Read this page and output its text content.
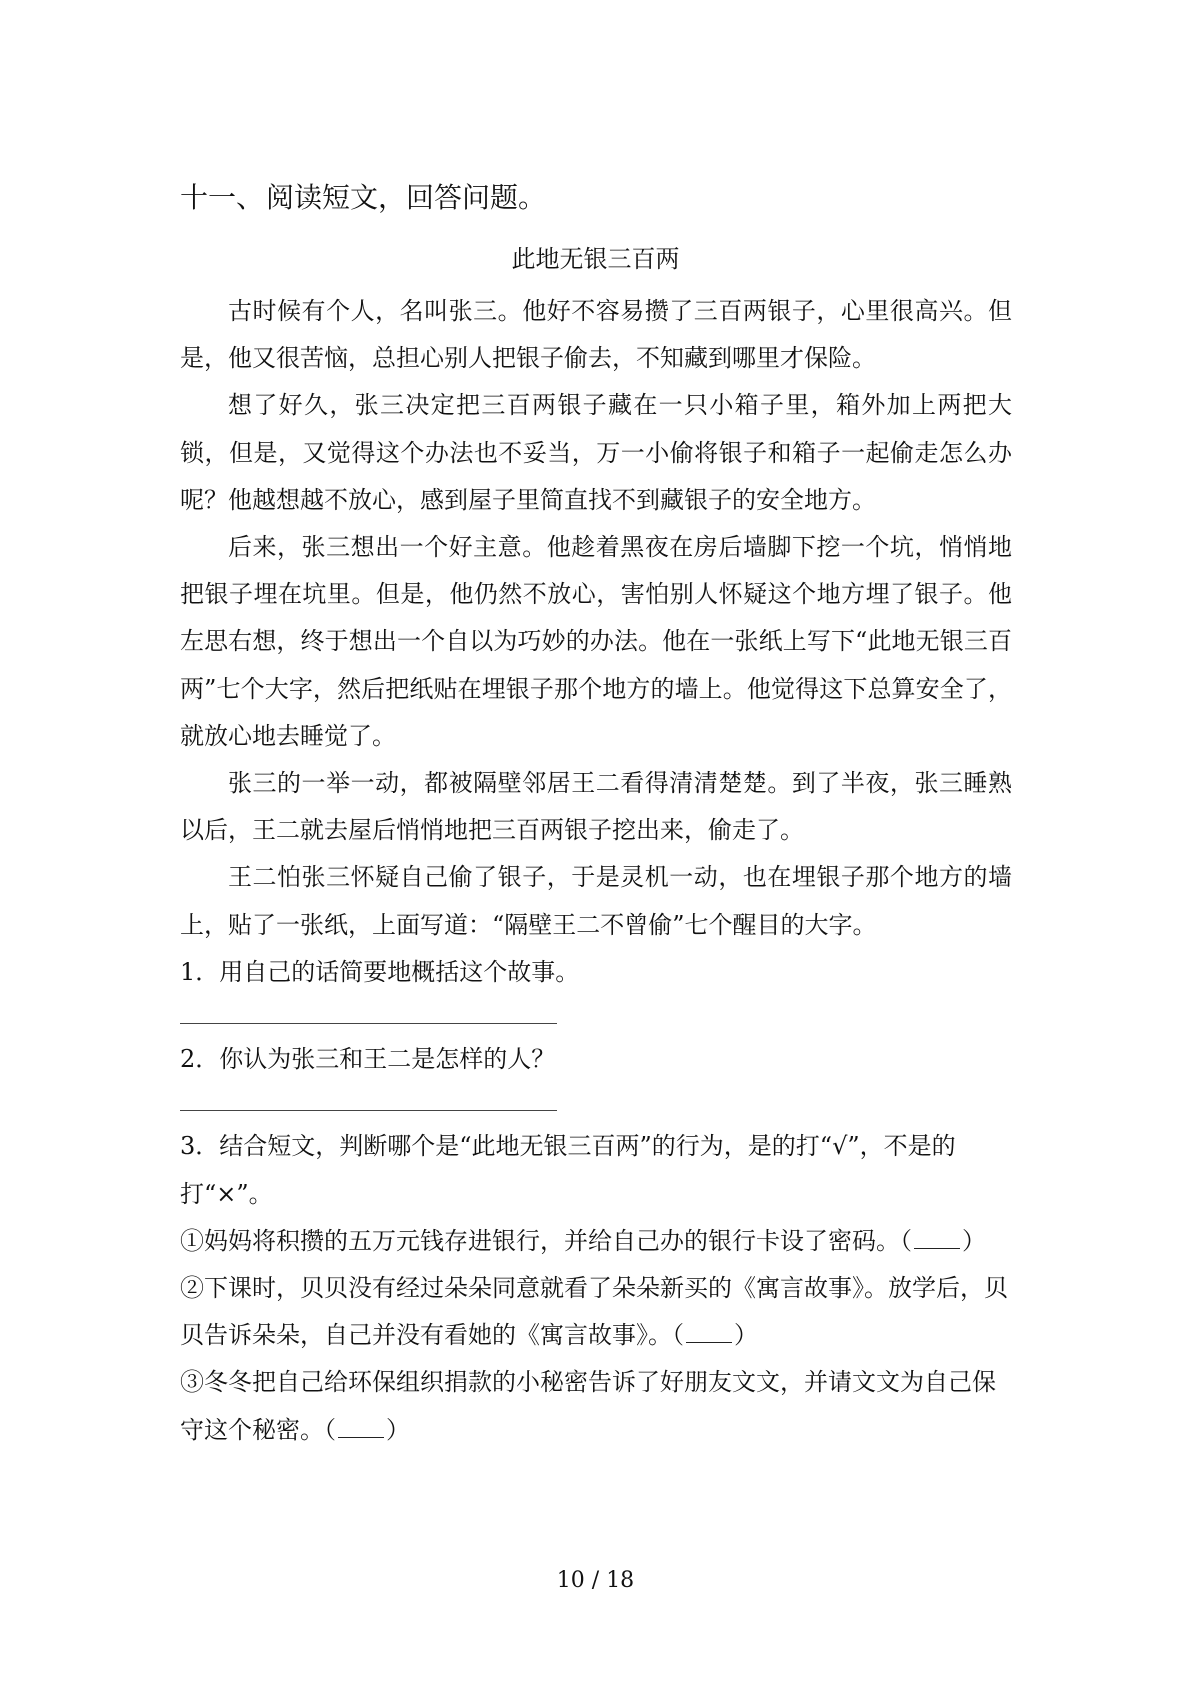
十一、阅读短文，回答问题。
此地无银三百两

古时候有个人，名叫张三。他好不容易攒了三百两银子，心里很高兴。但是，他又很苦恼，总担心别人把银子偷去，不知藏到哪里才保险。

想了好久，张三决定把三百两银子藏在一只小箱子里，箱外加上两把大锁，但是，又觉得这个办法也不妥当，万一小偷将银子和箱子一起偷走怎么办呢？他越想越不放心，感到屋子里简直找不到藏银子的安全地方。

后来，张三想出一个好主意。他趁着黑夜在房后墙脚下挖一个坑，悄悄地把银子埋在坑里。但是，他仍然不放心，害怕别人怀疑这个地方埋了银子。他左思右想，终于想出一个自以为巧妙的办法。他在一张纸上写下“此地无银三百两”七个大字，然后把纸贴在埋银子那个地方的墙上。他觉得这下总算安全了，就放心地去睡觉了。

张三的一举一动，都被隔壁邻居王二看得清清楚楚。到了半夜，张三睡熟以后，王二就去屋后悄悄地把三百两银子挖出来，偷走了。

王二怕张三怀疑自己偷了银子，于是灵机一动，也在埋银子那个地方的墙上，贴了一张纸，上面写道：“隔壁王二不曾偷”七个醒目的大字。

1．用自己的话简要地概括这个故事。

2．你认为张三和王二是怎样的人？

3．结合短文，判断哪个是“此地无银三百两”的行为，是的打“√”，不是的打“×”。

①妈妈将积攒的五万元钱存进银行，并给自己办的银行卡设了密码。（ ）

②下课时，贝贝没有经过朵朵同意就看了朵朵新买的《寓言故事》。放学后，贝贝告诉朵朵，自己并没有看她的《寓言故事》。（ ）

③冬冬把自己给环保组织捐款的小秘密告诉了好朋友文文，并请文文为自己保守这个秘密。（ ）

10 / 18
